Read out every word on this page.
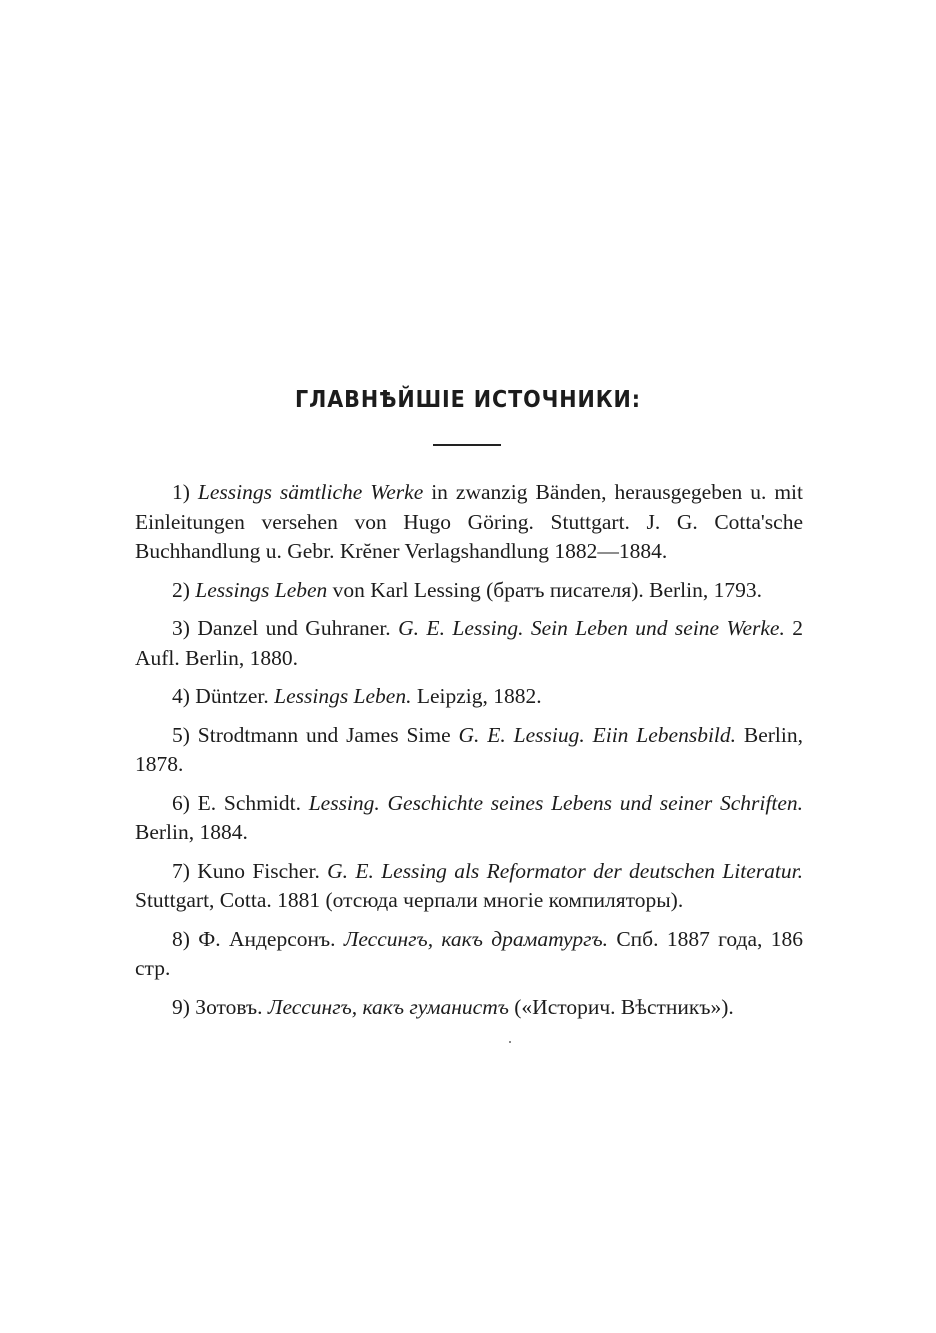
ГЛАВНѢЙШІЕ ИСТОЧНИКИ:

1) Lessings sämtliche Werke in zwanzig Bänden, herausgegeben u. mit Einleitungen versehen von Hugo Göring. Stuttgart. J. G. Cotta'sche Buchhandlung u. Gebr. Krĕner Verlagshandlung 1882—1884.

2) Lessings Leben von Karl Lessing (братъ писателя). Berlin, 1793.

3) Danzel und Guhraner. G. E. Lessing. Sein Leben und seine Werke. 2 Aufl. Berlin, 1880.

4) Düntzer. Lessings Leben. Leipzig, 1882.

5) Strodtmann und James Sime G. E. Lessiug. Eiin Lebensbild. Berlin, 1878.

6) E. Schmidt. Lessing. Geschichte seines Lebens und seiner Schriften. Berlin, 1884.

7) Kuno Fischer. G. E. Lessing als Reformator der deutschen Literatur. Stuttgart, Cotta. 1881 (отсюда черпали многіе компиляторы).

8) Ф. Андерсонъ. Лессингъ, какъ драматургъ. Спб. 1887 года, 186 стр.

9) Зотовъ. Лессингъ, какъ гуманистъ («Историч. Вѣстникъ»).
